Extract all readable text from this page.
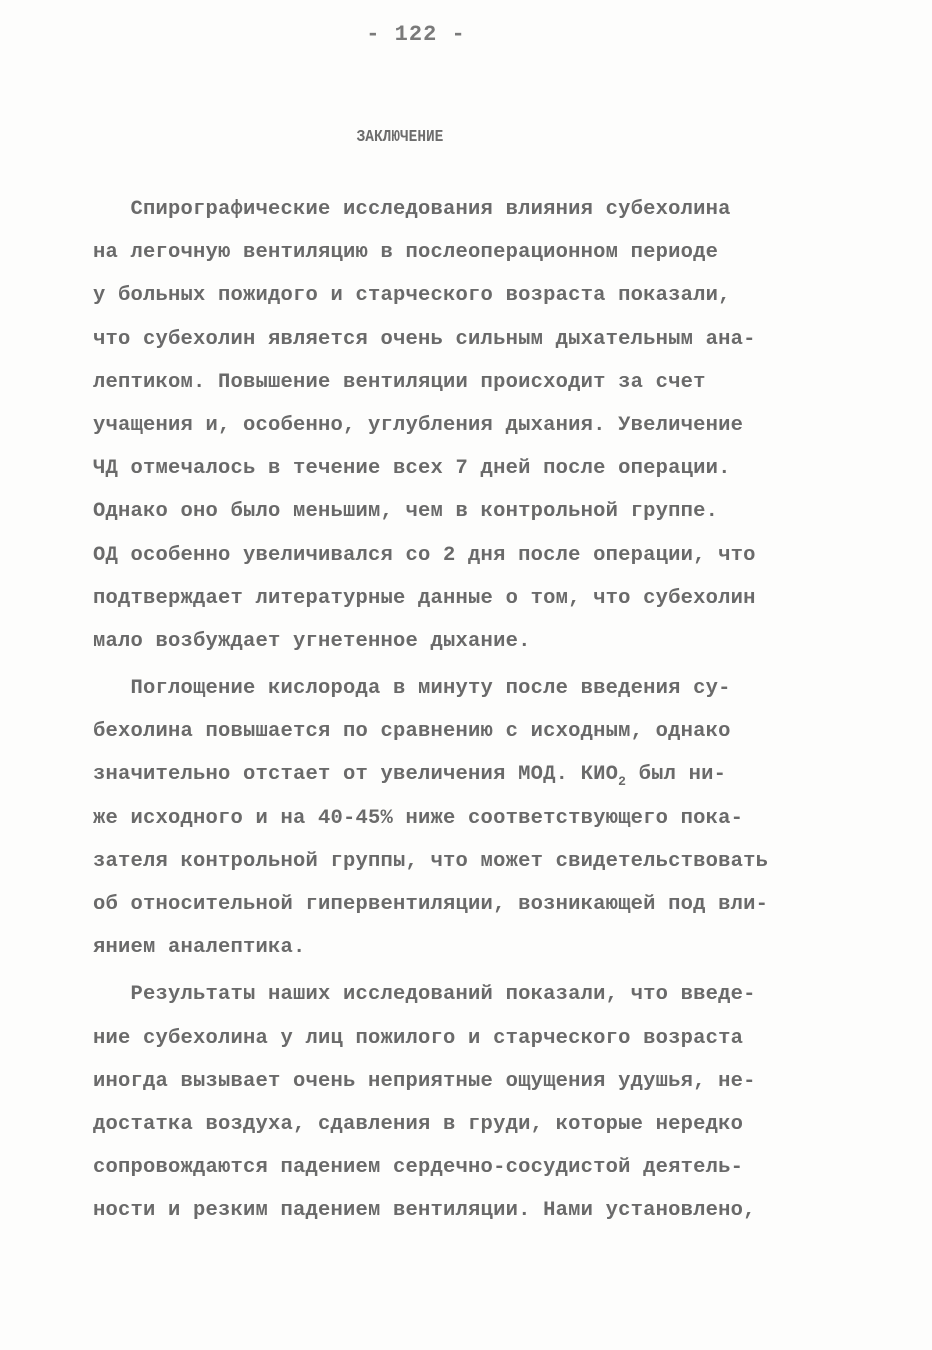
- 122 -
ЗАКЛЮЧЕНИЕ
Спирографические исследования влияния субехолина
на легочную вентиляцию в послеоперационном периоде
у больных пожидого и старческого возраста показали,
что субехолин является очень сильным дыхательным ана-
лептиком. Повышение вентиляции происходит за счет
учащения и, особенно, углубления дыхания. Увеличение
ЧД отмечалось в течение всех 7 дней после операции.
Однако оно было меньшим, чем в контрольной группе.
ОД особенно увеличивался со 2 дня после операции, что
подтверждает литературные данные о том, что субехолин
мало возбуждает угнетенное дыхание.
Поглощение кислорода в минуту после введения су-
бехолина повышается по сравнению с исходным, однако
значительно отстает от увеличения МОД. $КИО_2$ был ни-
же исходного и на 40-45% ниже соответствующего пока-
зателя контрольной группы, что может свидетельствовать
об относительной гипервентиляции, возникающей под вли-
янием аналептика.
Результаты наших исследований показали, что введе-
ние субехолина у лиц пожилого и старческого возраста
иногда вызывает очень неприятные ощущения удушья, не-
достатка воздуха, сдавления в груди, которые нередко
сопровождаются падением сердечно-сосудистой деятель-
ности и резким падением вентиляции. Нами установлено,
